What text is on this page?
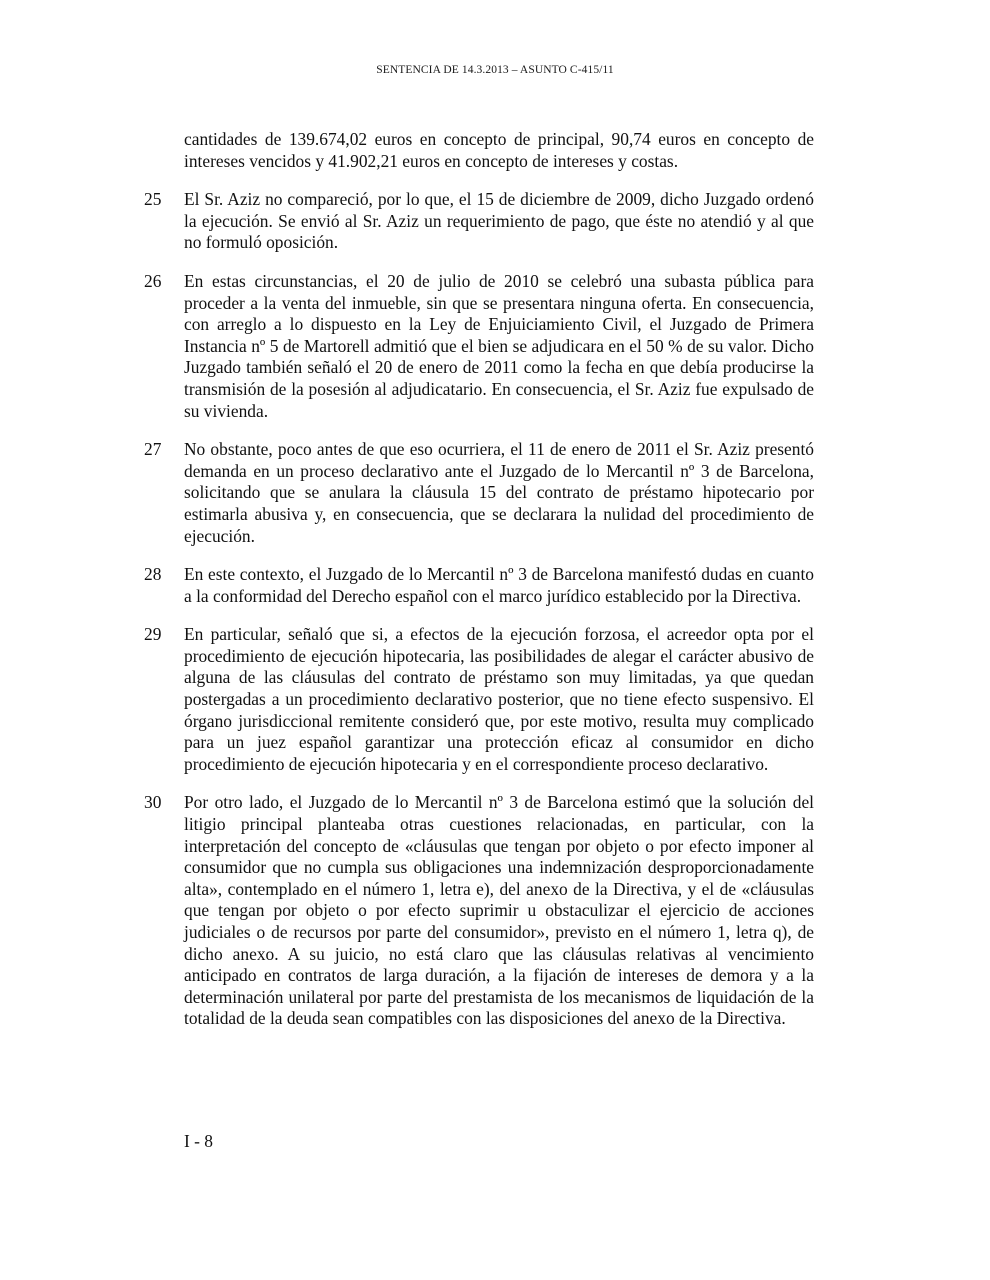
SENTENCIA DE 14.3.2013 – ASUNTO C-415/11
cantidades de 139.674,02 euros en concepto de principal, 90,74 euros en concepto de intereses vencidos y 41.902,21 euros en concepto de intereses y costas.
25	El Sr. Aziz no compareció, por lo que, el 15 de diciembre de 2009, dicho Juzgado ordenó la ejecución. Se envió al Sr. Aziz un requerimiento de pago, que éste no atendió y al que no formuló oposición.
26	En estas circunstancias, el 20 de julio de 2010 se celebró una subasta pública para proceder a la venta del inmueble, sin que se presentara ninguna oferta. En consecuencia, con arreglo a lo dispuesto en la Ley de Enjuiciamiento Civil, el Juzgado de Primera Instancia nº 5 de Martorell admitió que el bien se adjudicara en el 50 % de su valor. Dicho Juzgado también señaló el 20 de enero de 2011 como la fecha en que debía producirse la transmisión de la posesión al adjudicatario. En consecuencia, el Sr. Aziz fue expulsado de su vivienda.
27	No obstante, poco antes de que eso ocurriera, el 11 de enero de 2011 el Sr. Aziz presentó demanda en un proceso declarativo ante el Juzgado de lo Mercantil nº 3 de Barcelona, solicitando que se anulara la cláusula 15 del contrato de préstamo hipotecario por estimarla abusiva y, en consecuencia, que se declarara la nulidad del procedimiento de ejecución.
28	En este contexto, el Juzgado de lo Mercantil nº 3 de Barcelona manifestó dudas en cuanto a la conformidad del Derecho español con el marco jurídico establecido por la Directiva.
29	En particular, señaló que si, a efectos de la ejecución forzosa, el acreedor opta por el procedimiento de ejecución hipotecaria, las posibilidades de alegar el carácter abusivo de alguna de las cláusulas del contrato de préstamo son muy limitadas, ya que quedan postergadas a un procedimiento declarativo posterior, que no tiene efecto suspensivo. El órgano jurisdiccional remitente consideró que, por este motivo, resulta muy complicado para un juez español garantizar una protección eficaz al consumidor en dicho procedimiento de ejecución hipotecaria y en el correspondiente proceso declarativo.
30	Por otro lado, el Juzgado de lo Mercantil nº 3 de Barcelona estimó que la solución del litigio principal planteaba otras cuestiones relacionadas, en particular, con la interpretación del concepto de «cláusulas que tengan por objeto o por efecto imponer al consumidor que no cumpla sus obligaciones una indemnización desproporcionadamente alta», contemplado en el número 1, letra e), del anexo de la Directiva, y el de «cláusulas que tengan por objeto o por efecto suprimir u obstaculizar el ejercicio de acciones judiciales o de recursos por parte del consumidor», previsto en el número 1, letra q), de dicho anexo. A su juicio, no está claro que las cláusulas relativas al vencimiento anticipado en contratos de larga duración, a la fijación de intereses de demora y a la determinación unilateral por parte del prestamista de los mecanismos de liquidación de la totalidad de la deuda sean compatibles con las disposiciones del anexo de la Directiva.
I - 8
